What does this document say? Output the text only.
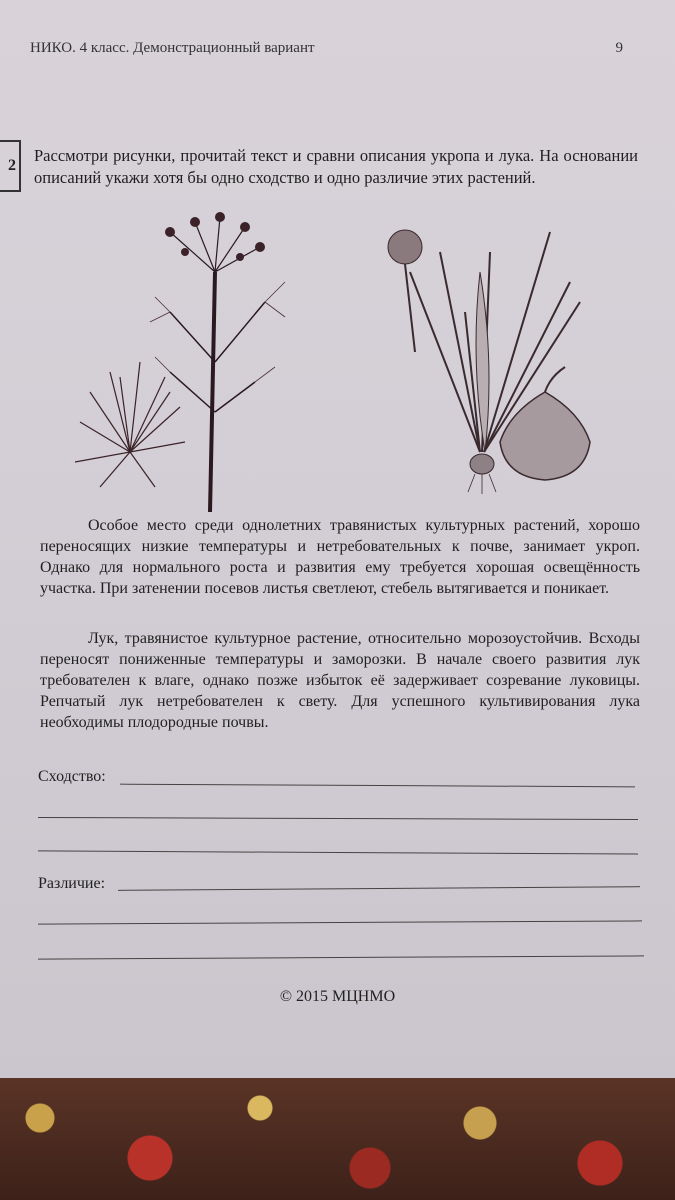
НИКО. 4 класс. Демонстрационный вариант	9
2
Рассмотри рисунки, прочитай текст и сравни описания укропа и лука. На основании описаний укажи хотя бы одно сходство и одно различие этих растений.
Особое место среди однолетних травянистых культурных растений, хорошо переносящих низкие температуры и нетребовательных к почве, занимает укроп. Однако для нормального роста и развития ему требуется хорошая освещённость участка. При затенении посевов листья светлеют, стебель вытягивается и поникает.
Лук, травянистое культурное растение, относительно морозоустойчив. Всходы переносят пониженные температуры и заморозки. В начале своего развития лук требователен к влаге, однако позже избыток её задерживает созревание луковицы. Репчатый лук нетребователен к свету. Для успешного культивирования лука необходимы плодородные почвы.
Сходство:
Различие:
© 2015 МЦНМО
